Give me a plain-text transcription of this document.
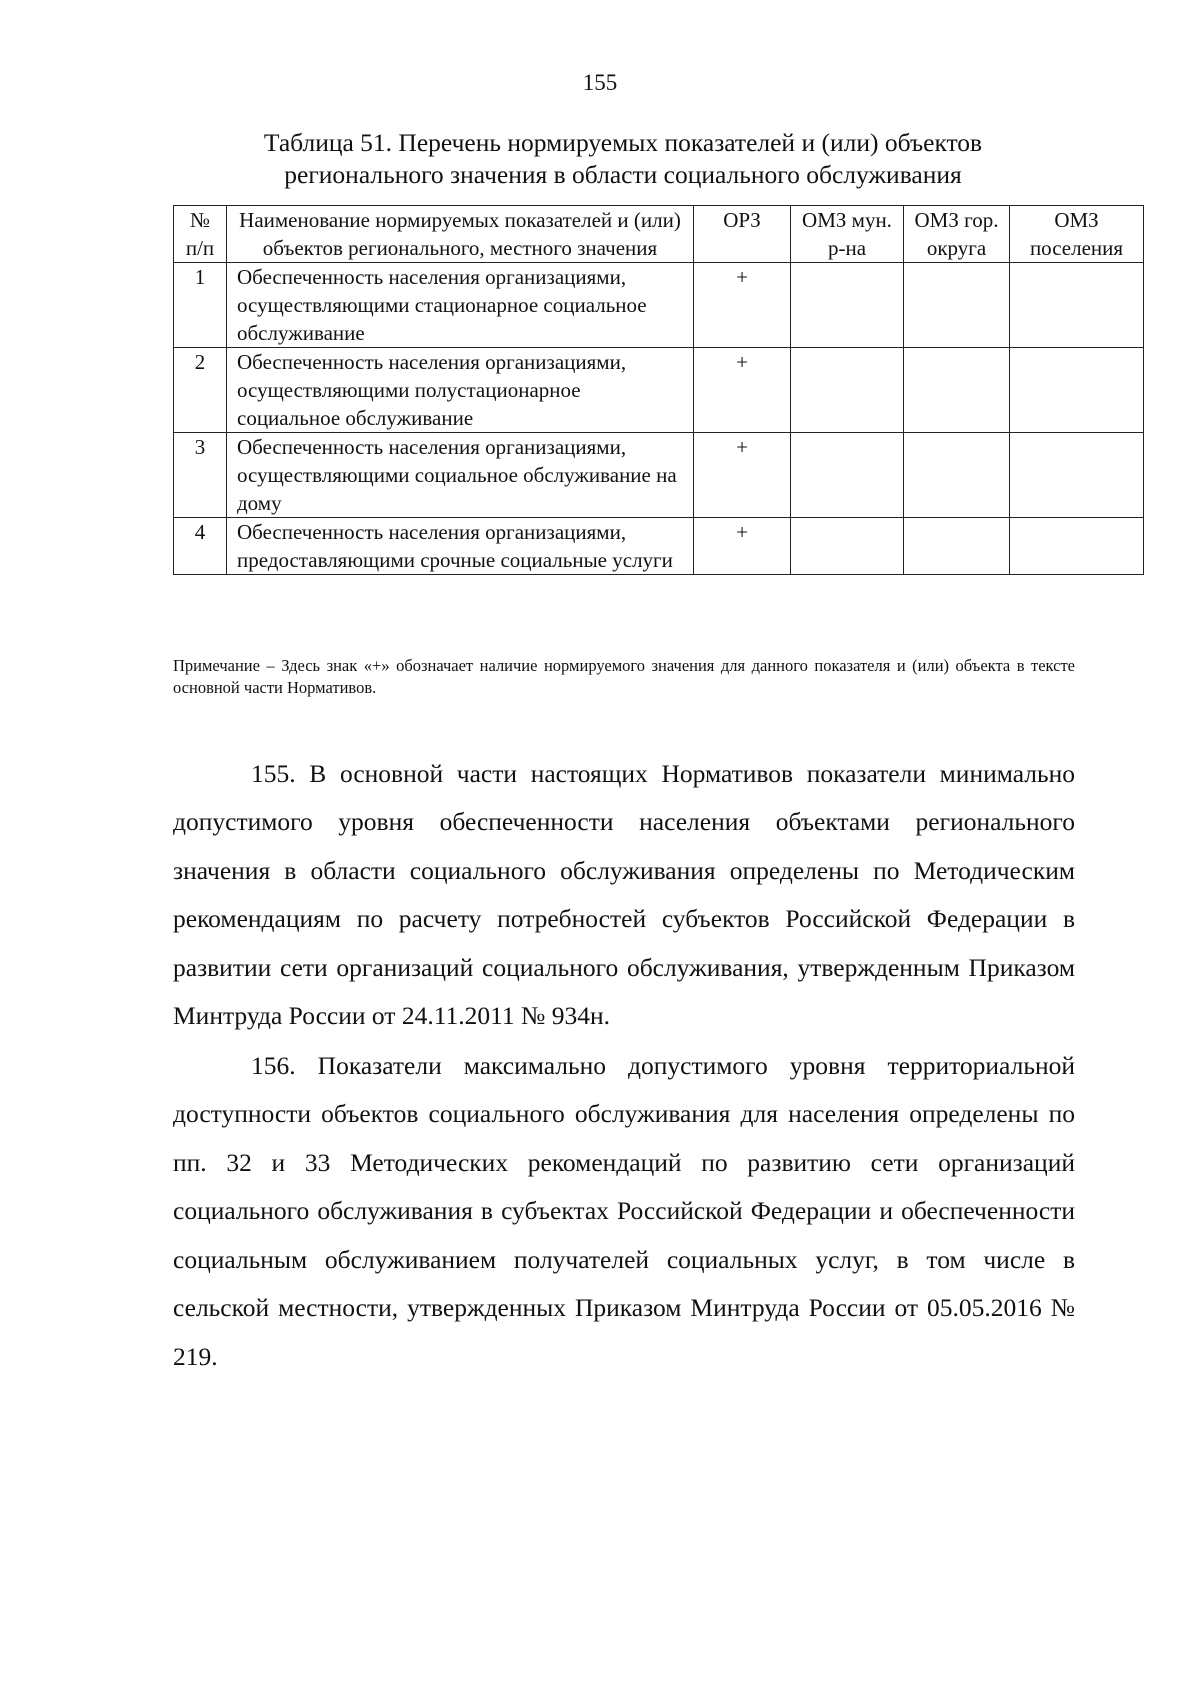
155
Таблица 51. Перечень нормируемых показателей и (или) объектов
регионального значения в области социального обслуживания
№ п/п	Наименование нормируемых показателей и (или) объектов регионального, местного значения	ОРЗ	ОМЗ мун. р-на	ОМЗ гор. округа	ОМЗ поселения
1	Обеспеченность населения организациями, осуществляющими стационарное социальное обслуживание	+			
2	Обеспеченность населения организациями, осуществляющими полустационарное социальное обслуживание	+			
3	Обеспеченность населения организациями, осуществляющими социальное обслуживание на дому	+			
4	Обеспеченность населения организациями, предоставляющими срочные социальные услуги	+			
Примечание – Здесь знак «+» обозначает наличие нормируемого значения для данного показателя и (или) объекта в тексте основной части Нормативов.

155. В основной части настоящих Нормативов показатели минимально допустимого уровня обеспеченности населения объектами регионального значения в области социального обслуживания определены по Методическим рекомендациям по расчету потребностей субъектов Российской Федерации в развитии сети организаций социального обслуживания, утвержденным Приказом Минтруда России от 24.11.2011 № 934н.

156. Показатели максимально допустимого уровня территориальной доступности объектов социального обслуживания для населения определены по пп. 32 и 33 Методических рекомендаций по развитию сети организаций социального обслуживания в субъектах Российской Федерации и обеспеченности социальным обслуживанием получателей социальных услуг, в том числе в сельской местности, утвержденных Приказом Минтруда России от 05.05.2016 № 219.
